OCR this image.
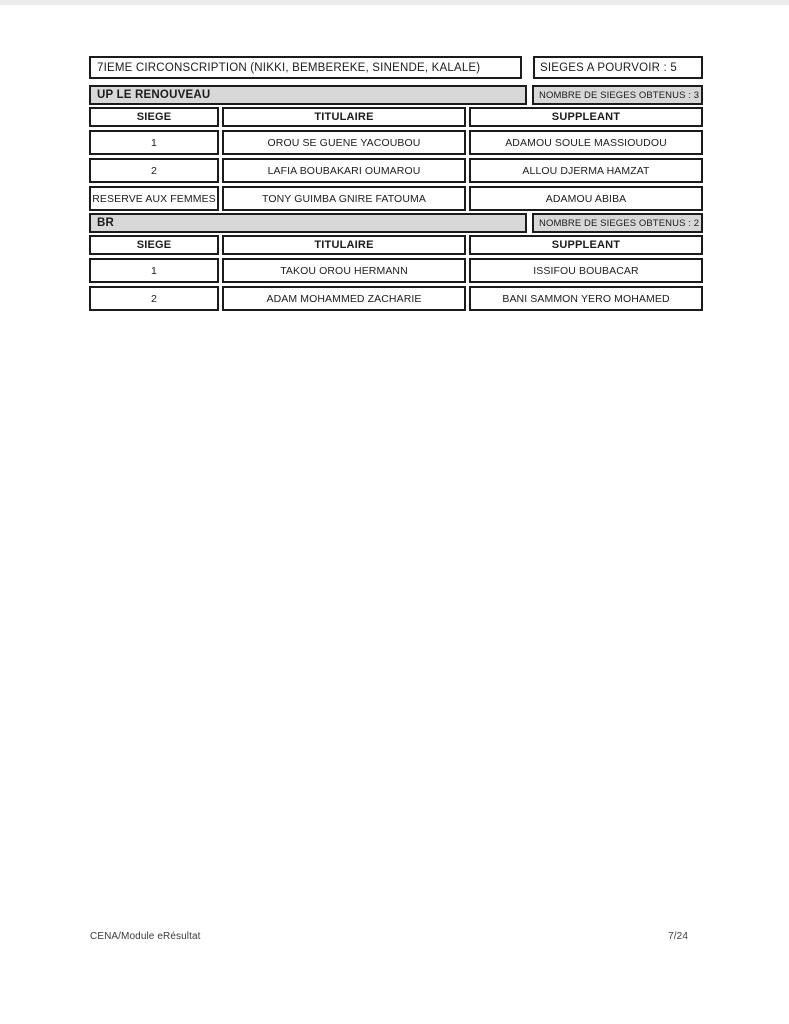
7IEME CIRCONSCRIPTION (NIKKI, BEMBEREKE, SINENDE, KALALE)	SIEGES A POURVOIR : 5
UP LE RENOUVEAU	NOMBRE DE SIEGES OBTENUS : 3
SIEGE	TITULAIRE	SUPPLEANT
1	OROU SE GUENE YACOUBOU	ADAMOU SOULE MASSIOUDOU
2	LAFIA BOUBAKARI OUMAROU	ALLOU DJERMA HAMZAT
RESERVE AUX FEMMES	TONY GUIMBA GNIRE FATOUMA	ADAMOU ABIBA
BR	NOMBRE DE SIEGES OBTENUS : 2
SIEGE	TITULAIRE	SUPPLEANT
1	TAKOU OROU HERMANN	ISSIFOU BOUBACAR
2	ADAM MOHAMMED ZACHARIE	BANI SAMMON YERO MOHAMED
CENA/Module eRésultat	7/24
